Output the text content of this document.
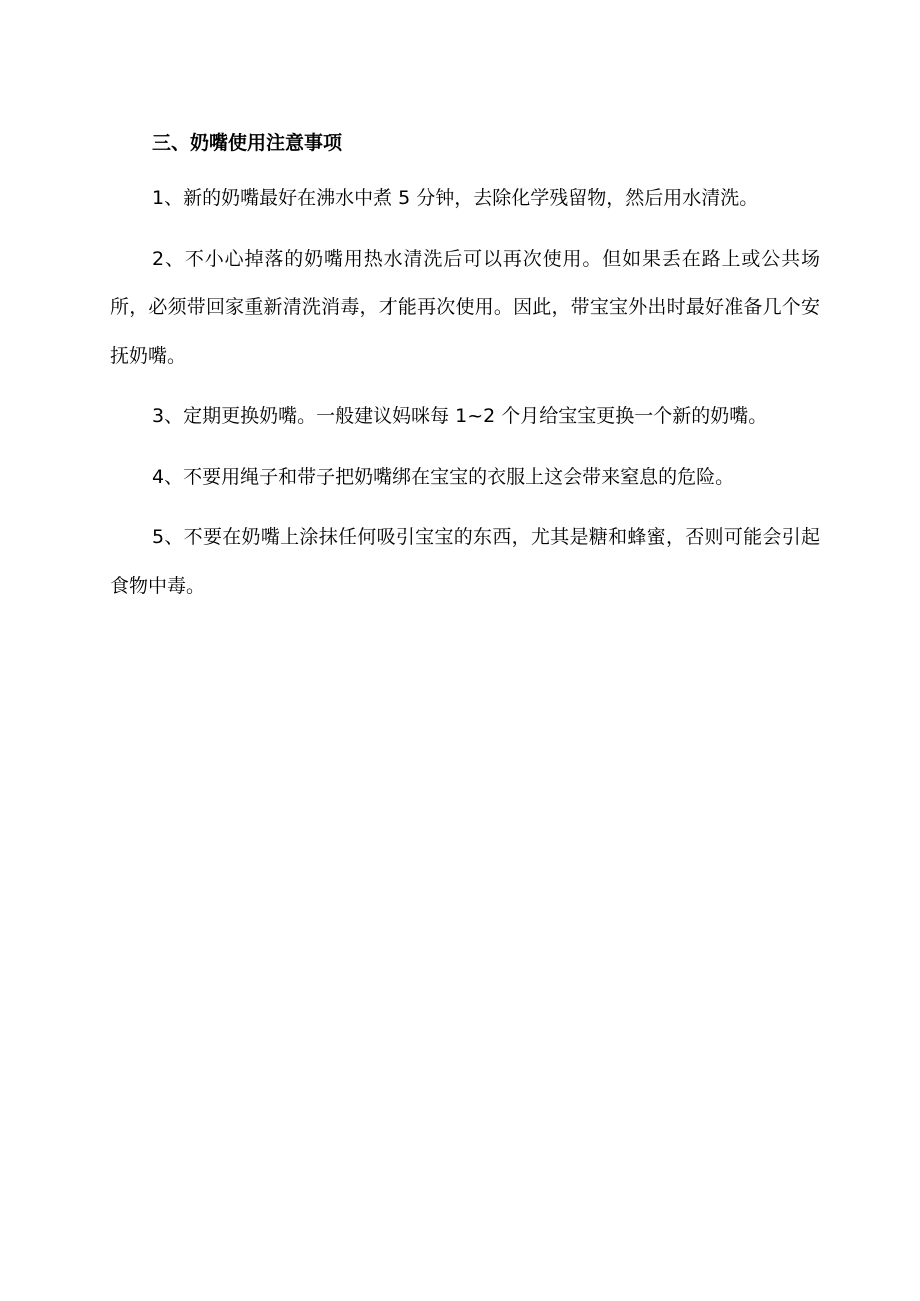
三、奶嘴使用注意事项

1、新的奶嘴最好在沸水中煮 5 分钟，去除化学残留物，然后用水清洗。

2、不小心掉落的奶嘴用热水清洗后可以再次使用。但如果丢在路上或公共场所，必须带回家重新清洗消毒，才能再次使用。因此，带宝宝外出时最好准备几个安抚奶嘴。

3、定期更换奶嘴。一般建议妈咪每 1~2 个月给宝宝更换一个新的奶嘴。

4、不要用绳子和带子把奶嘴绑在宝宝的衣服上这会带来窒息的危险。

5、不要在奶嘴上涂抹任何吸引宝宝的东西，尤其是糖和蜂蜜，否则可能会引起食物中毒。
